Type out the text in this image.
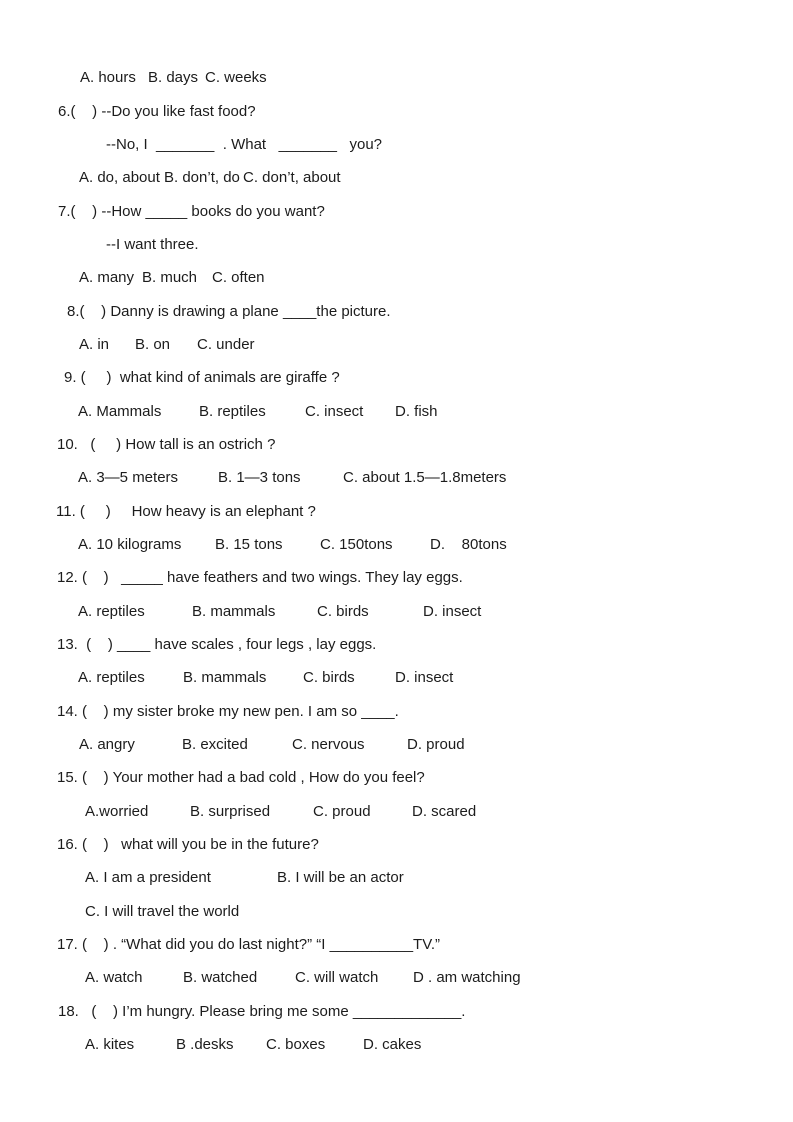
A. hours B. days C. weeks
6.(    ) --Do you like fast food?
--No, I  _______  . What   _______   you?
A. do, about B. don’t, do C. don’t, about
7.(    ) --How _____ books do you want?
--I want three.
A. many B. much C. often
8.(    ) Danny is drawing a plane ____the picture.
A. in B. on C. under
9. (     )  what kind of animals are giraffe ?
A. Mammals	B. reptiles	C. insect D. fish
10.   (     ) How tall is an ostrich ?
A. 3—5 meters	B. 1—3 tons	C. about 1.5—1.8meters
11. (     )     How heavy is an elephant ?
A. 10 kilograms B. 15 tons C. 150tons D.    80tons
12. (    )   _____ have feathers and two wings. They lay eggs.
A. reptiles	B. mammals	C. birds	D. insect
13.  (    ) ____ have scales , four legs , lay eggs.
A. reptiles	B. mammals C. birds	D. insect
14. (    ) my sister broke my new pen. I am so ____.
A. angry	B. excited	C. nervous	D. proud
15. (    ) Your mother had a bad cold , How do you feel?
A.worried	B. surprised	C. proud	D. scared
16. (    )   what will you be in the future?
A. I am a president	B. I will be an actor
C. I will travel the world
17. (    ) . “What did you do last night?” “I __________TV.”
A. watch	B. watched	C. will watch D . am watching
18.   (    ) I’m hungry. Please bring me some _____________.
A. kites	B .desks C. boxes	D. cakes
